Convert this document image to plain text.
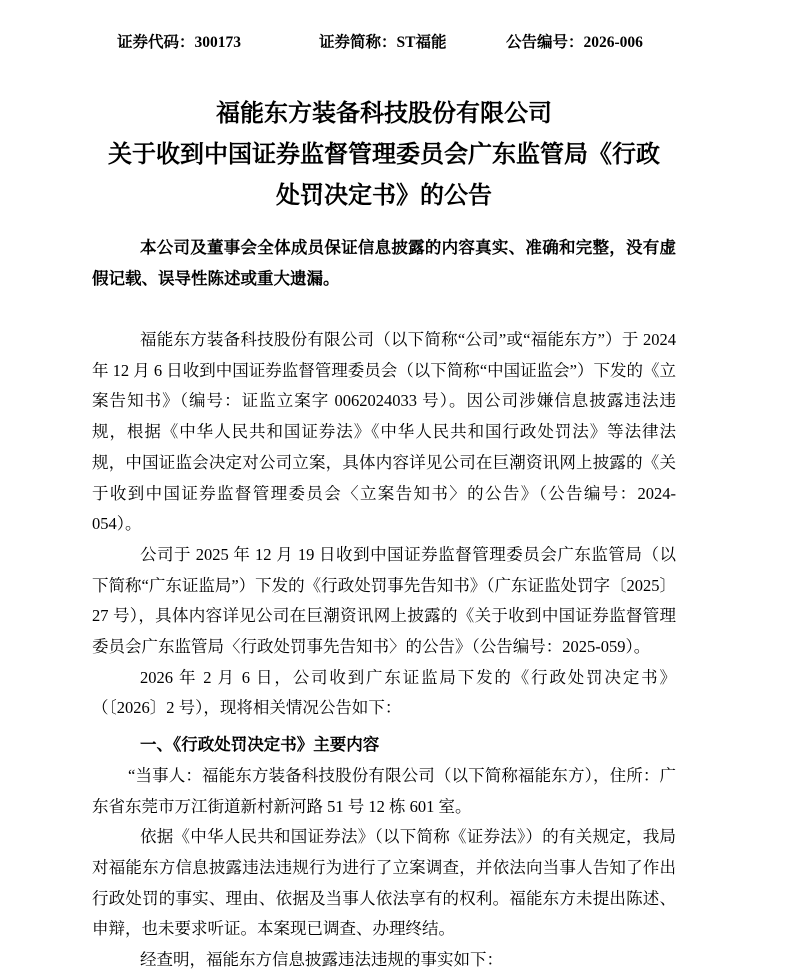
证券代码：300173	证券简称：ST福能	公告编号：2026-006
福能东方装备科技股份有限公司
关于收到中国证券监督管理委员会广东监管局《行政
处罚决定书》的公告
本公司及董事会全体成员保证信息披露的内容真实、准确和完整，没有虚假记载、误导性陈述或重大遗漏。

福能东方装备科技股份有限公司（以下简称“公司”或“福能东方”）于 2024 年 12 月 6 日收到中国证券监督管理委员会（以下简称“中国证监会”）下发的《立案告知书》（编号：证监立案字 0062024033 号）。因公司涉嫌信息披露违法违规，根据《中华人民共和国证券法》《中华人民共和国行政处罚法》等法律法规，中国证监会决定对公司立案，具体内容详见公司在巨潮资讯网上披露的《关于收到中国证券监督管理委员会〈立案告知书〉的公告》（公告编号：2024-054）。

公司于 2025 年 12 月 19 日收到中国证券监督管理委员会广东监管局（以下简称“广东证监局”）下发的《行政处罚事先告知书》（广东证监处罚字〔2025〕27 号），具体内容详见公司在巨潮资讯网上披露的《关于收到中国证券监督管理委员会广东监管局〈行政处罚事先告知书〉的公告》（公告编号：2025-059）。

2026 年 2 月 6 日，公司收到广东证监局下发的《行政处罚决定书》（〔2026〕2 号），现将相关情况公告如下：

一、《行政处罚决定书》主要内容

“当事人：福能东方装备科技股份有限公司（以下简称福能东方），住所：广东省东莞市万江街道新村新河路 51 号 12 栋 601 室。

依据《中华人民共和国证券法》（以下简称《证券法》）的有关规定，我局对福能东方信息披露违法违规行为进行了立案调查，并依法向当事人告知了作出行政处罚的事实、理由、依据及当事人依法享有的权利。福能东方未提出陈述、申辩，也未要求听证。本案现已调查、办理终结。

经查明，福能东方信息披露违法违规的事实如下：
